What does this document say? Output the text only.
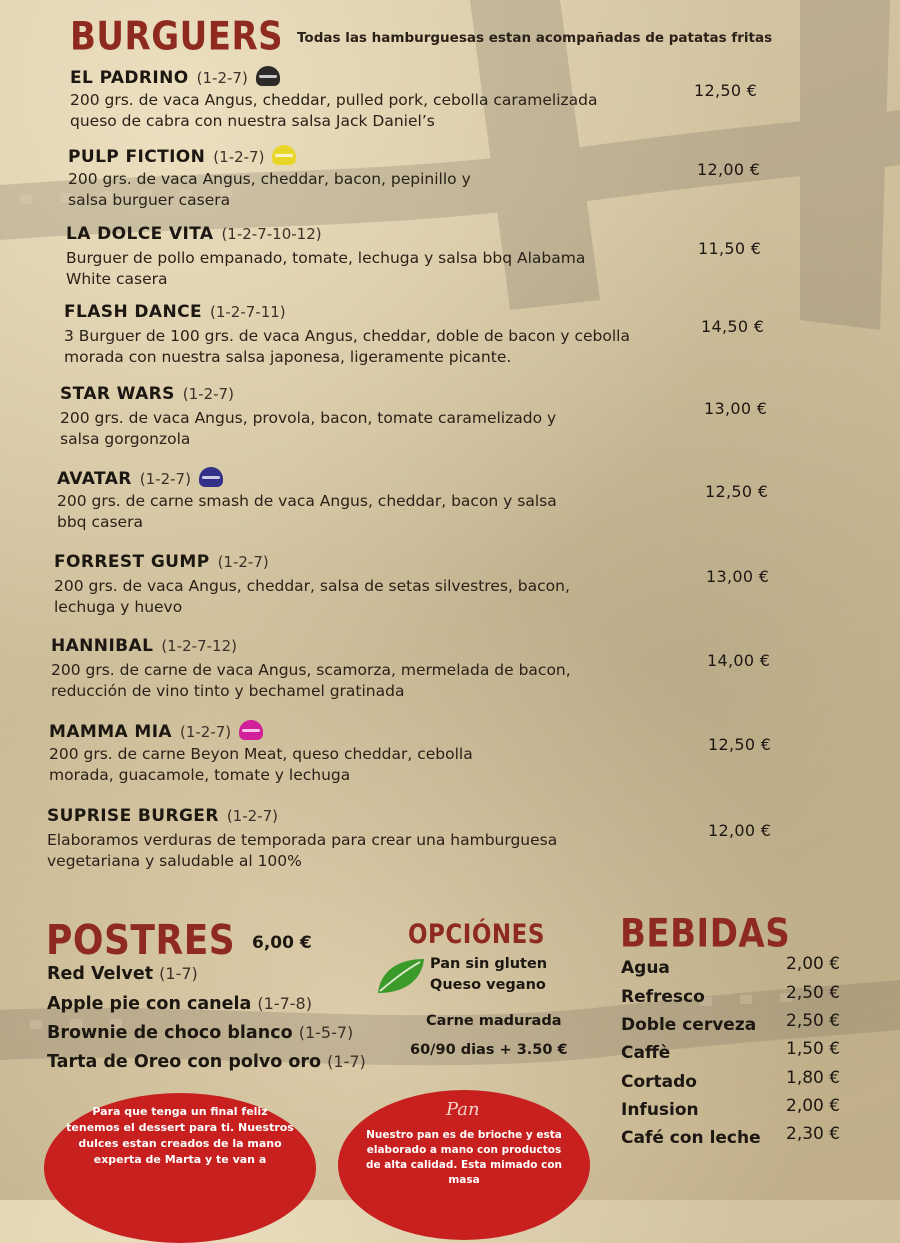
BURGUERS Todas las hamburguesas estan acompañadas de patatas fritas
EL PADRINO (1-2-7)
200 grs. de vaca Angus, cheddar, pulled pork, cebolla caramelizada
queso de cabra con nuestra salsa Jack Daniel’s
12,50 €
PULP FICTION (1-2-7)
200 grs. de vaca Angus, cheddar, bacon, pepinillo y
salsa burguer casera
12,00 €
LA DOLCE VITA (1-2-7-10-12)
Burguer de pollo empanado, tomate, lechuga y salsa bbq Alabama
White casera
11,50 €
FLASH DANCE (1-2-7-11)
3 Burguer de 100 grs. de vaca Angus, cheddar, doble de bacon y cebolla
morada con nuestra salsa japonesa, ligeramente picante.
14,50 €
STAR WARS (1-2-7)
200 grs. de vaca Angus, provola, bacon, tomate caramelizado y
salsa gorgonzola
13,00 €
AVATAR (1-2-7)
200 grs. de carne smash de vaca Angus, cheddar, bacon y salsa
bbq casera
12,50 €
FORREST GUMP (1-2-7)
200 grs. de vaca Angus, cheddar, salsa de setas silvestres, bacon,
lechuga y huevo
13,00 €
HANNIBAL (1-2-7-12)
200 grs. de carne de vaca Angus, scamorza, mermelada de bacon,
reducción de vino tinto y bechamel gratinada
14,00 €
MAMMA MIA (1-2-7)
200 grs. de carne Beyon Meat, queso cheddar, cebolla
morada, guacamole, tomate y lechuga
12,50 €
SUPRISE BURGER (1-2-7)
Elaboramos verduras de temporada para crear una hamburguesa
vegetariana y saludable al 100%
12,00 €
POSTRES 6,00 €
Red Velvet (1-7)
Apple pie con canela (1-7-8)
Brownie de choco blanco (1-5-7)
Tarta de Oreo con polvo oro (1-7)
OPCIÓNES
Pan sin gluten
Queso vegano
Carne madurada
60/90 dias + 3.50 €
BEBIDAS
Agua	2,00 €
Refresco	2,50 €
Doble cerveza 2,50 €
Caffè	1,50 €
Cortado	1,80 €
Infusion	2,00 €
Café con leche 2,30 €
Para que tenga un final feliz tenemos el dessert para ti. Nuestros dulces estan creados de la mano experta de Marta y te van a
Pan
Nuestro pan es de brioche y esta elaborado a mano con productos de alta calidad. Esta mimado con masa
